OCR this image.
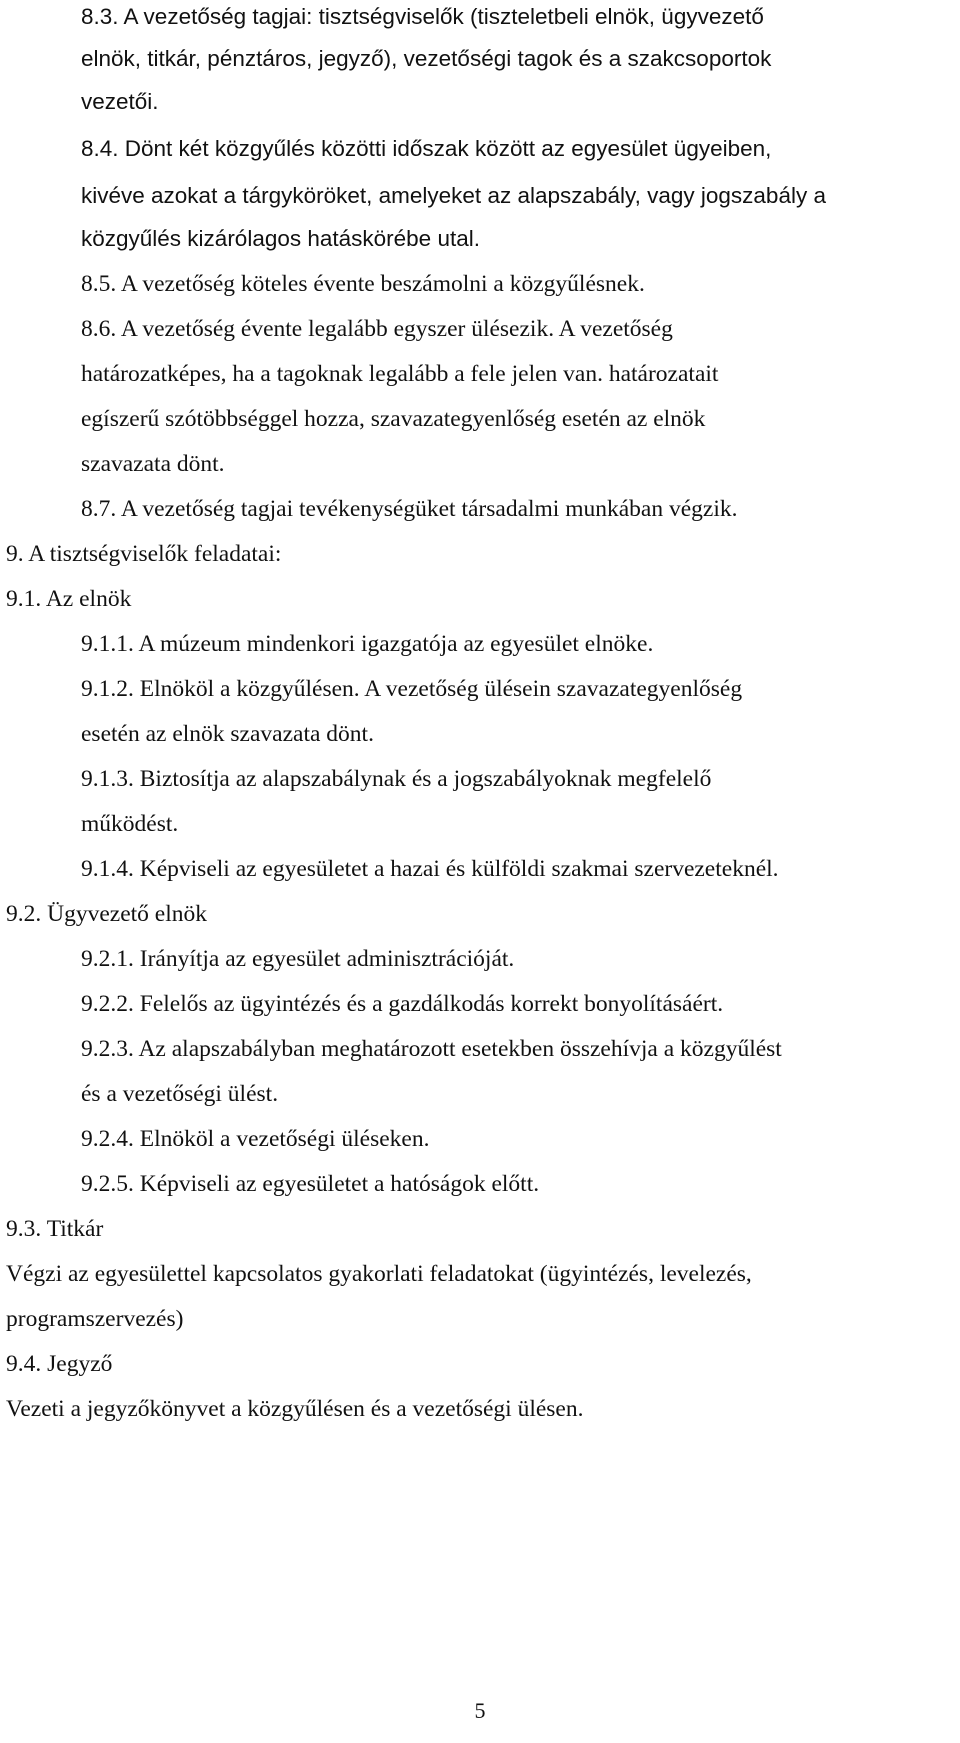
8.3. A vezetőség tagjai: tisztségviselők (tiszteletbeli elnök, ügyvezető

elnök, titkár, pénztáros, jegyző), vezetőségi tagok és a szakcsoportok

vezetői.

8.4. Dönt két közgyűlés közötti időszak között az egyesület ügyeiben,

kivéve azokat a tárgyköröket, amelyeket az alapszabály, vagy jogszabály a

közgyűlés kizárólagos hatáskörébe utal.

8.5. A vezetőség köteles évente beszámolni a közgyűlésnek.

8.6. A vezetőség évente legalább egyszer ülésezik. A vezetőség

határozatképes, ha a tagoknak legalább a fele jelen van. határozatait

egíszerű szótöbbséggel hozza, szavazategyenlőség esetén az elnök

szavazata dönt.

8.7. A vezetőség tagjai tevékenységüket társadalmi munkában végzik.

9. A tisztségviselők feladatai:

9.1. Az elnök

9.1.1. A múzeum mindenkori igazgatója az egyesület elnöke.

9.1.2. Elnököl a közgyűlésen. A vezetőség ülésein szavazategyenlőség

esetén az elnök szavazata dönt.

9.1.3. Biztosítja az alapszabálynak és a jogszabályoknak megfelelő

működést.

9.1.4. Képviseli az egyesületet a hazai és külföldi szakmai szervezeteknél.

9.2. Ügyvezető elnök

9.2.1. Irányítja az egyesület adminisztrációját.

9.2.2. Felelős az ügyintézés és a gazdálkodás korrekt bonyolításáért.

9.2.3. Az alapszabályban meghatározott esetekben összehívja a közgyűlést

és a vezetőségi ülést.

9.2.4. Elnököl a vezetőségi üléseken.

9.2.5. Képviseli az egyesületet a hatóságok előtt.

9.3. Titkár

Végzi az egyesülettel kapcsolatos gyakorlati feladatokat (ügyintézés, levelezés,

programszervezés)

9.4. Jegyző

Vezeti a jegyzőkönyvet a közgyűlésen és a vezetőségi ülésen.

5
